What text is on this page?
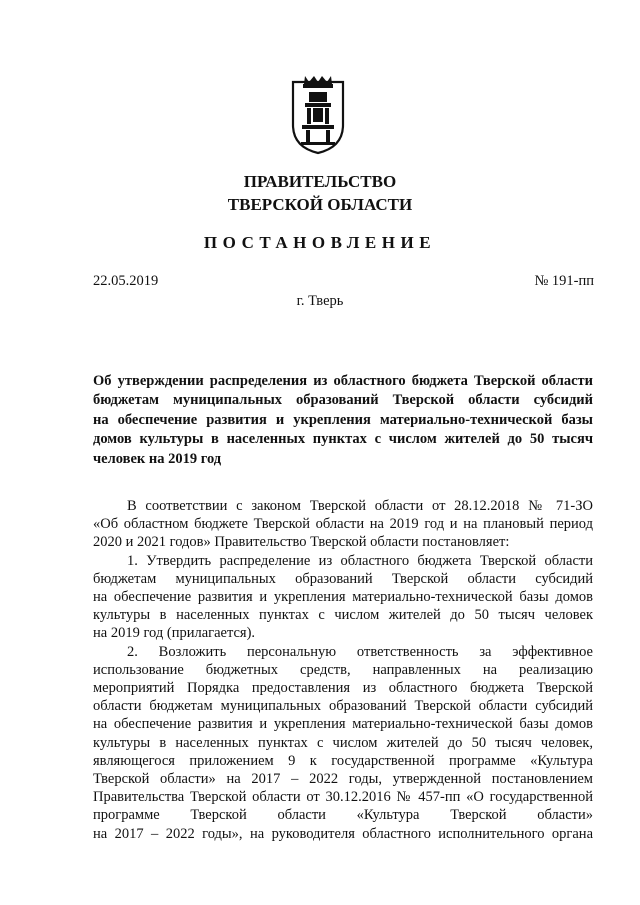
ПРАВИТЕЛЬСТВО
ТВЕРСКОЙ ОБЛАСТИ
ПОСТАНОВЛЕНИЕ
22.05.2019	№ 191-пп
г. Тверь
Об утверждении распределения из областного бюджета Тверской области
бюджетам муниципальных образований Тверской области субсидий
на обеспечение развития и укрепления материально-технической базы
домов культуры в населенных пунктах с числом жителей до 50 тысяч
человек на 2019 год
В соответствии с законом Тверской области от 28.12.2018 № 71-ЗО
«Об областном бюджете Тверской области на 2019 год и на плановый период
2020 и 2021 годов» Правительство Тверской области постановляет:
1. Утвердить распределение из областного бюджета Тверской области
бюджетам муниципальных образований Тверской области субсидий
на обеспечение развития и укрепления материально-технической базы домов
культуры в населенных пунктах с числом жителей до 50 тысяч человек
на 2019 год (прилагается).
2. Возложить персональную ответственность за эффективное
использование бюджетных средств, направленных на реализацию
мероприятий Порядка предоставления из областного бюджета Тверской
области бюджетам муниципальных образований Тверской области субсидий
на обеспечение развития и укрепления материально-технической базы домов
культуры в населенных пунктах с числом жителей до 50 тысяч человек,
являющегося приложением 9 к государственной программе «Культура
Тверской области» на 2017 – 2022 годы, утвержденной постановлением
Правительства Тверской области от 30.12.2016 № 457-пп «О государственной
программе Тверской области «Культура Тверской области»
на 2017 – 2022 годы», на руководителя областного исполнительного органа
